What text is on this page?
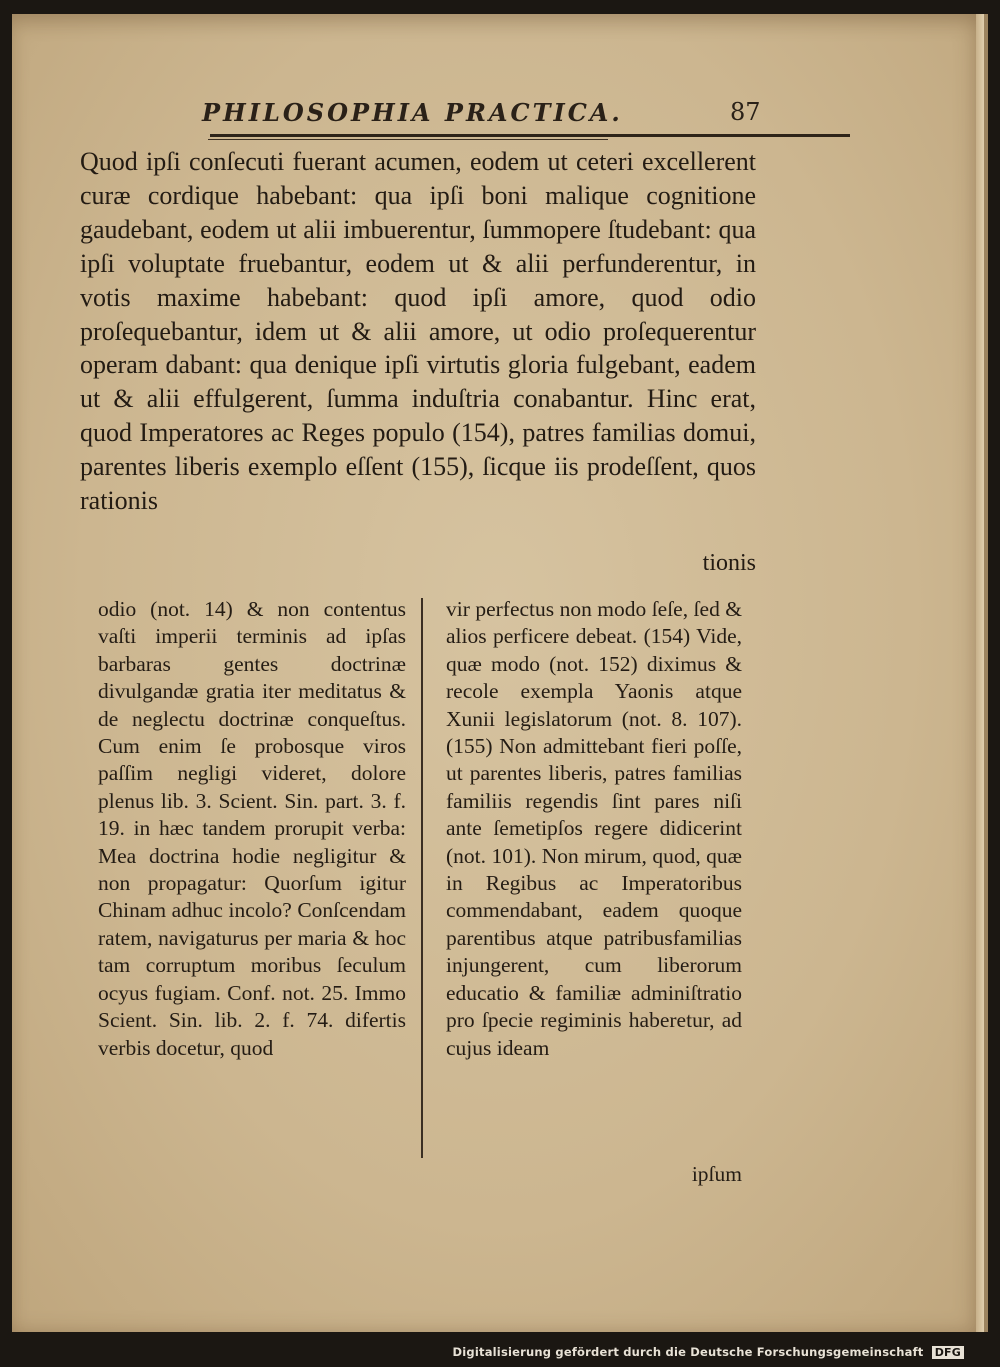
PHILOSOPHIA PRACTICA.	87

Quod ipſi conſecuti fuerant acumen, eodem ut ceteri excellerent curæ cordique habebant: qua ipſi boni malique cognitione gaudebant, eodem ut alii imbuerentur, ſummopere ſtudebant: qua ipſi voluptate fruebantur, eodem ut & alii perfunderentur, in votis maxime habebant: quod ipſi amore, quod odio proſequebantur, idem ut & alii amore, ut odio proſequerentur operam dabant: qua denique ipſi virtutis gloria fulgebant, eadem ut & alii effulgerent, ſumma induſtria conabantur. Hinc erat, quod Imperatores ac Reges populo (154), patres familias domui, parentes liberis exemplo eſſent (155), ſicque iis prodeſſent, quos rationis

tionis

odio (not. 14) & non contentus vaſti imperii terminis ad ipſas barbaras gentes doctrinæ divulgandæ gratia iter meditatus & de neglectu doctrinæ conqueſtus. Cum enim ſe probosque viros paſſim negligi videret, dolore plenus lib. 3. Scient. Sin. part. 3. f. 19. in hæc tandem prorupit verba: Mea doctrina hodie negligitur & non propagatur: Quorſum igitur Chinam adhuc incolo? Conſcendam ratem, navigaturus per maria & hoc tam corruptum moribus ſeculum ocyus fugiam. Conf. not. 25. Immo Scient. Sin. lib. 2. f. 74. difertis verbis docetur, quod

vir perfectus non modo ſeſe, ſed & alios perficere debeat. (154) Vide, quæ modo (not. 152) diximus & recole exempla Yaonis atque Xunii legislatorum (not. 8. 107). (155) Non admittebant fieri poſſe, ut parentes liberis, patres familias familiis regendis ſint pares niſi ante ſemetipſos regere didicerint (not. 101). Non mirum, quod, quæ in Regibus ac Imperatoribus commendabant, eadem quoque parentibus atque patribusfamilias injungerent, cum liberorum educatio & familiæ adminiſtratio pro ſpecie regiminis haberetur, ad cujus ideam

ipſum

Digitalisierung gefördert durch die Deutsche Forschungsgemeinschaft DFG
